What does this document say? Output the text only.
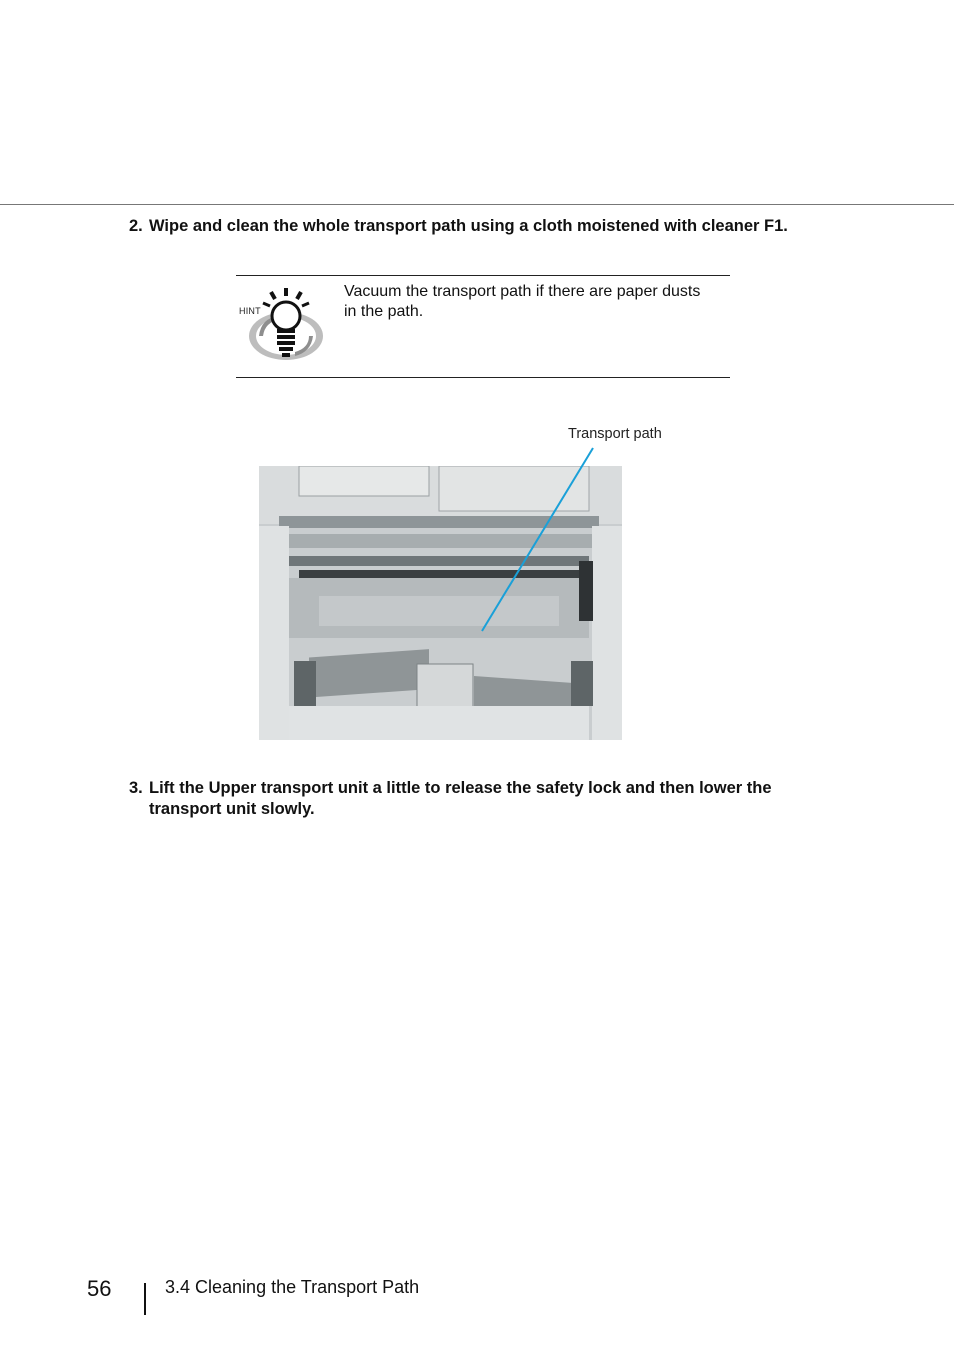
2. Wipe and clean the whole transport path using a cloth moistened with cleaner F1.
HINT
Vacuum the transport path if there are paper dusts in the path.
Transport path
3. Lift the Upper transport unit a little to release the safety lock and then lower the
transport unit slowly.
56	3.4 Cleaning the Transport Path
